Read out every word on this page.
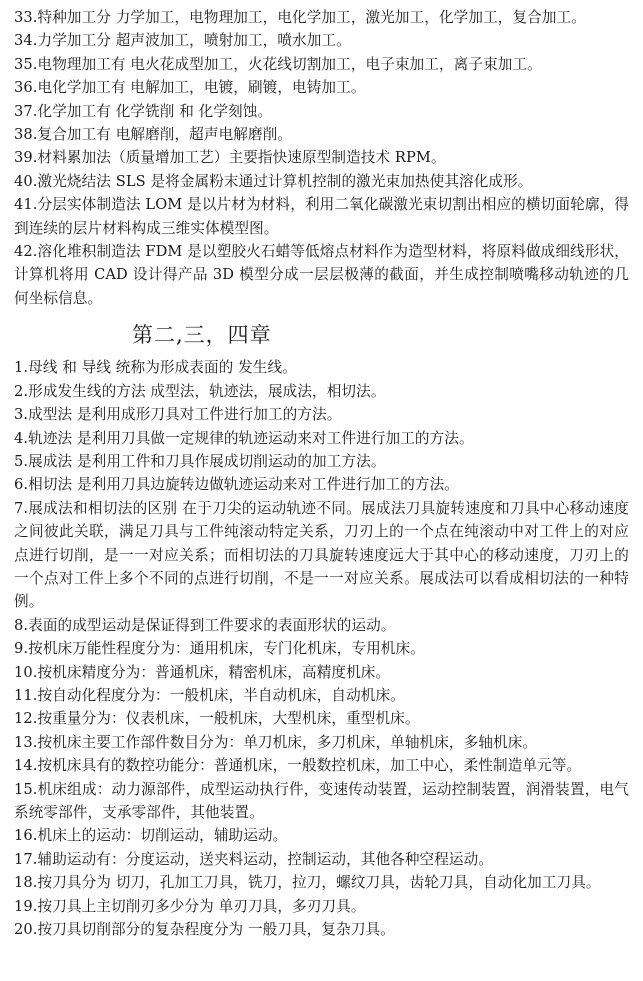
33.特种加工分 力学加工，电物理加工，电化学加工，激光加工，化学加工，复合加工。

34.力学加工分 超声波加工，喷射加工，喷水加工。

35.电物理加工有 电火花成型加工，火花线切割加工，电子束加工，离子束加工。

36.电化学加工有 电解加工，电镀，刷镀，电铸加工。

37.化学加工有 化学铣削 和 化学刻蚀。

38.复合加工有 电解磨削，超声电解磨削。

39.材料累加法（质量增加工艺）主要指快速原型制造技术 RPM。

40.激光烧结法 SLS 是将金属粉末通过计算机控制的激光束加热使其溶化成形。

41.分层实体制造法 LOM 是以片材为材料，利用二氧化碳激光束切割出相应的横切面轮廓，得到连续的层片材料构成三维实体模型图。

42.溶化堆积制造法 FDM 是以塑胶火石蜡等低熔点材料作为造型材料，将原料做成细线形状，计算机将用 CAD 设计得产品 3D 模型分成一层层极薄的截面，并生成控制喷嘴移动轨迹的几何坐标信息。

第二,三，四章

1.母线 和 导线 统称为形成表面的 发生线。

2.形成发生线的方法 成型法，轨迹法，展成法，相切法。

3.成型法 是利用成形刀具对工件进行加工的方法。

4.轨迹法 是利用刀具做一定规律的轨迹运动来对工件进行加工的方法。

5.展成法 是利用工件和刀具作展成切削运动的加工方法。

6.相切法 是利用刀具边旋转边做轨迹运动来对工件进行加工的方法。

7.展成法和相切法的区别 在于刀尖的运动轨迹不同。展成法刀具旋转速度和刀具中心移动速度之间彼此关联，满足刀具与工件纯滚动特定关系，刀刃上的一个点在纯滚动中对工件上的对应点进行切削，是一一对应关系；而相切法的刀具旋转速度远大于其中心的移动速度，刀刃上的一个点对工件上多个不同的点进行切削，不是一一对应关系。展成法可以看成相切法的一种特例。

8.表面的成型运动是保证得到工件要求的表面形状的运动。

9.按机床万能性程度分为：通用机床，专门化机床，专用机床。

10.按机床精度分为：普通机床，精密机床，高精度机床。

11.按自动化程度分为：一般机床，半自动机床，自动机床。

12.按重量分为：仪表机床，一般机床，大型机床，重型机床。

13.按机床主要工作部件数目分为：单刀机床，多刀机床，单轴机床，多轴机床。

14.按机床具有的数控功能分：普通机床，一般数控机床，加工中心，柔性制造单元等。

15.机床组成：动力源部件，成型运动执行件，变速传动装置，运动控制装置，润滑装置，电气系统零部件，支承零部件，其他装置。

16.机床上的运动：切削运动，辅助运动。

17.辅助运动有：分度运动，送夹料运动，控制运动，其他各种空程运动。

18.按刀具分为 切刀，孔加工刀具，铣刀，拉刀，螺纹刀具，齿轮刀具，自动化加工刀具。

19.按刀具上主切削刃多少分为 单刃刀具，多刃刀具。

20.按刀具切削部分的复杂程度分为 一般刀具，复杂刀具。
